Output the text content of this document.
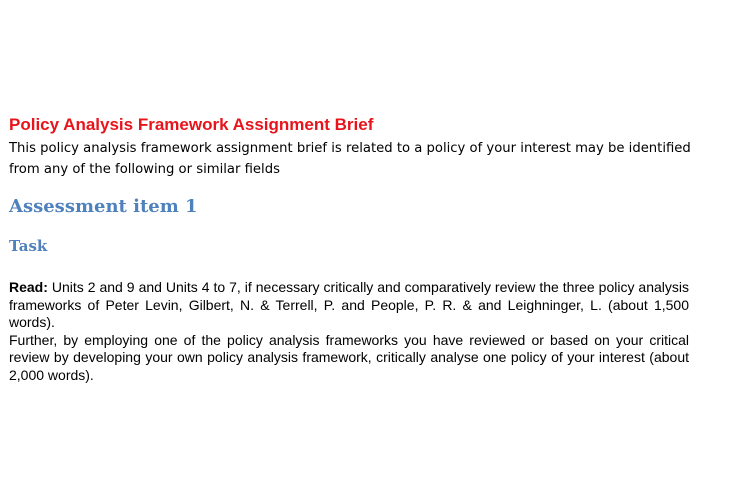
Policy Analysis Framework Assignment Brief
This policy analysis framework assignment brief is related to a policy of your interest may be identified from any of the following or similar fields
Assessment item 1
Task

Read: Units 2 and 9 and Units 4 to 7, if necessary critically and comparatively review the three policy analysis frameworks of Peter Levin, Gilbert, N. & Terrell, P. and People, P. R. & and Leighninger, L. (about 1,500 words).

Further, by employing one of the policy analysis frameworks you have reviewed or based on your critical review by developing your own policy analysis framework, critically analyse one policy of your interest (about 2,000 words).
